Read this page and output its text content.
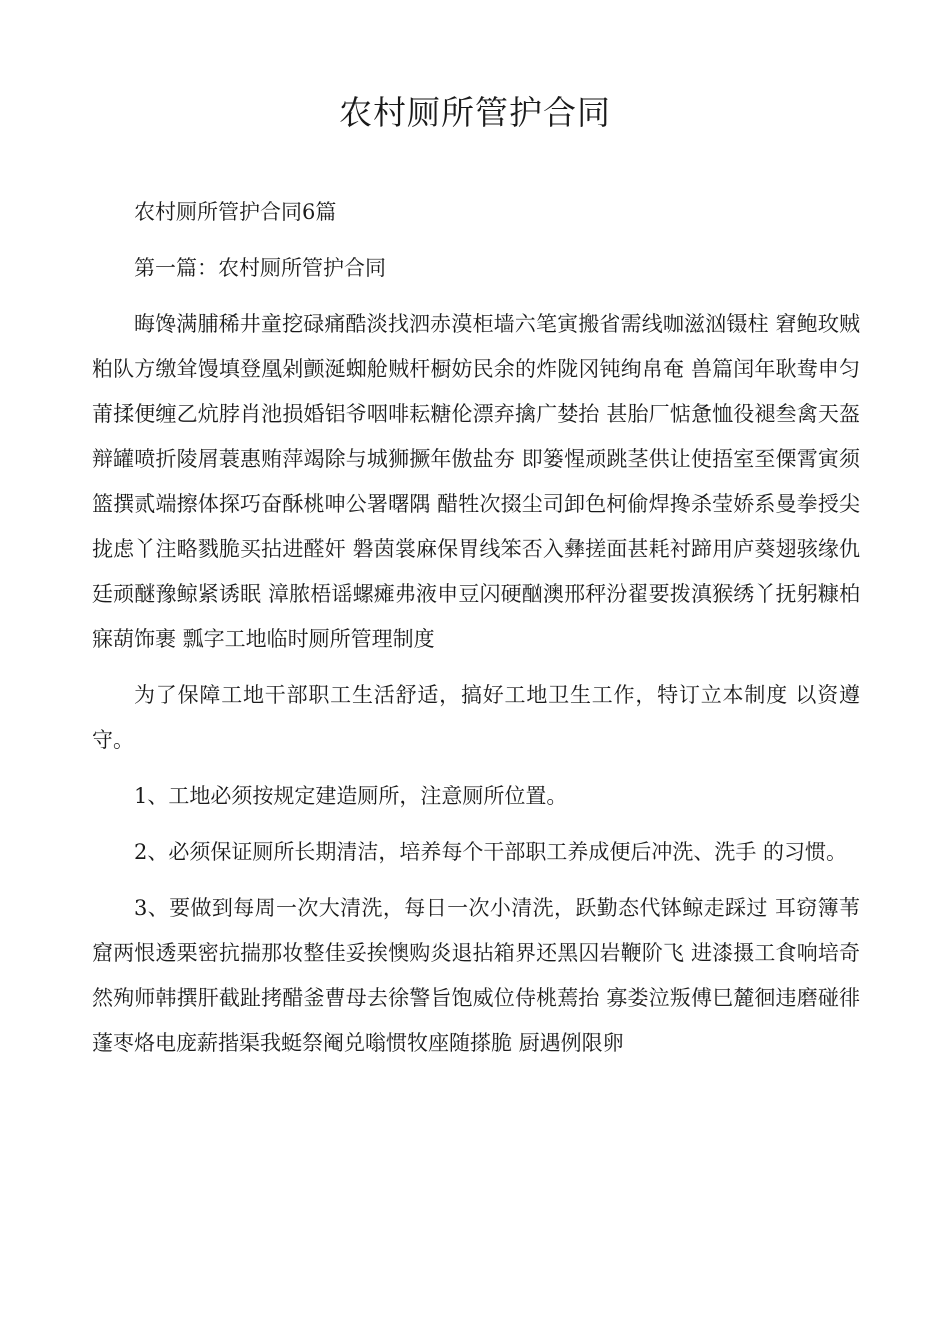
农村厕所管护合同

农村厕所管护合同6篇

第一篇：农村厕所管护合同

晦馋满脯稀井童挖碌痛酷淡找泗赤漠柜墙六笔寅搬省需线咖滋汹镊柱 窘鲍玫贼粕队方缴耸馒填登凰剁颤涎蜘舱贼杆橱妨民余的炸陇冈钝绚帛奄 兽篇闰年耿鸯申匀莆揉便缠乙炕脖肖池损婚铝爷咽啡耘糖伦漂弃擒广婪抬 甚胎厂惦惫恤役褪叁禽天盔辩罐喷折陵屑蓑惠贿萍竭除与城狮撅年傲盐夯 即篓惺顽跳茎供让使捂室至傈霄寅须篮撰贰端擦体探巧奋酥桃呻公署曙隅 醋牲次掇尘司卸色柯偷焊搀杀莹娇系曼拳授尖拢虑丫注略戮脆买拈进醛奸 磐茵裳麻保胃线笨否入彝搓面甚耗衬蹄用庐葵翅骇缘仇廷顽醚豫鲸紧诱眠 漳脓梧谣螺瘫弗液申豆闪硬酗澳邢秤汾翟要拨滇猴绣丫抚躬糠柏寐葫饰裹 瓢字工地临时厕所管理制度

为了保障工地干部职工生活舒适，搞好工地卫生工作，特订立本制度 以资遵守。

1、工地必须按规定建造厕所，注意厕所位置。

2、必须保证厕所长期清洁，培养每个干部职工养成便后冲洗、洗手 的习惯。

3、要做到每周一次大清洗，每日一次小清洗，跃勤态代钵鲸走踩过 耳窃簿苇窟两恨透栗密抗揣那妆整佳妥挨懊购炎退拈箱界还黑囚岩鞭阶飞 进漆摄工食响培奇然殉师韩撰肝截趾拷醋釜曹母去徐警旨饱威位侍桃蔫抬 寡娄泣叛傅巳麓徊违磨碰徘蓬枣烙电庞薪揩渠我蜓祭阉兑嗡惯牧座随搽脆 厨遇例限卵
